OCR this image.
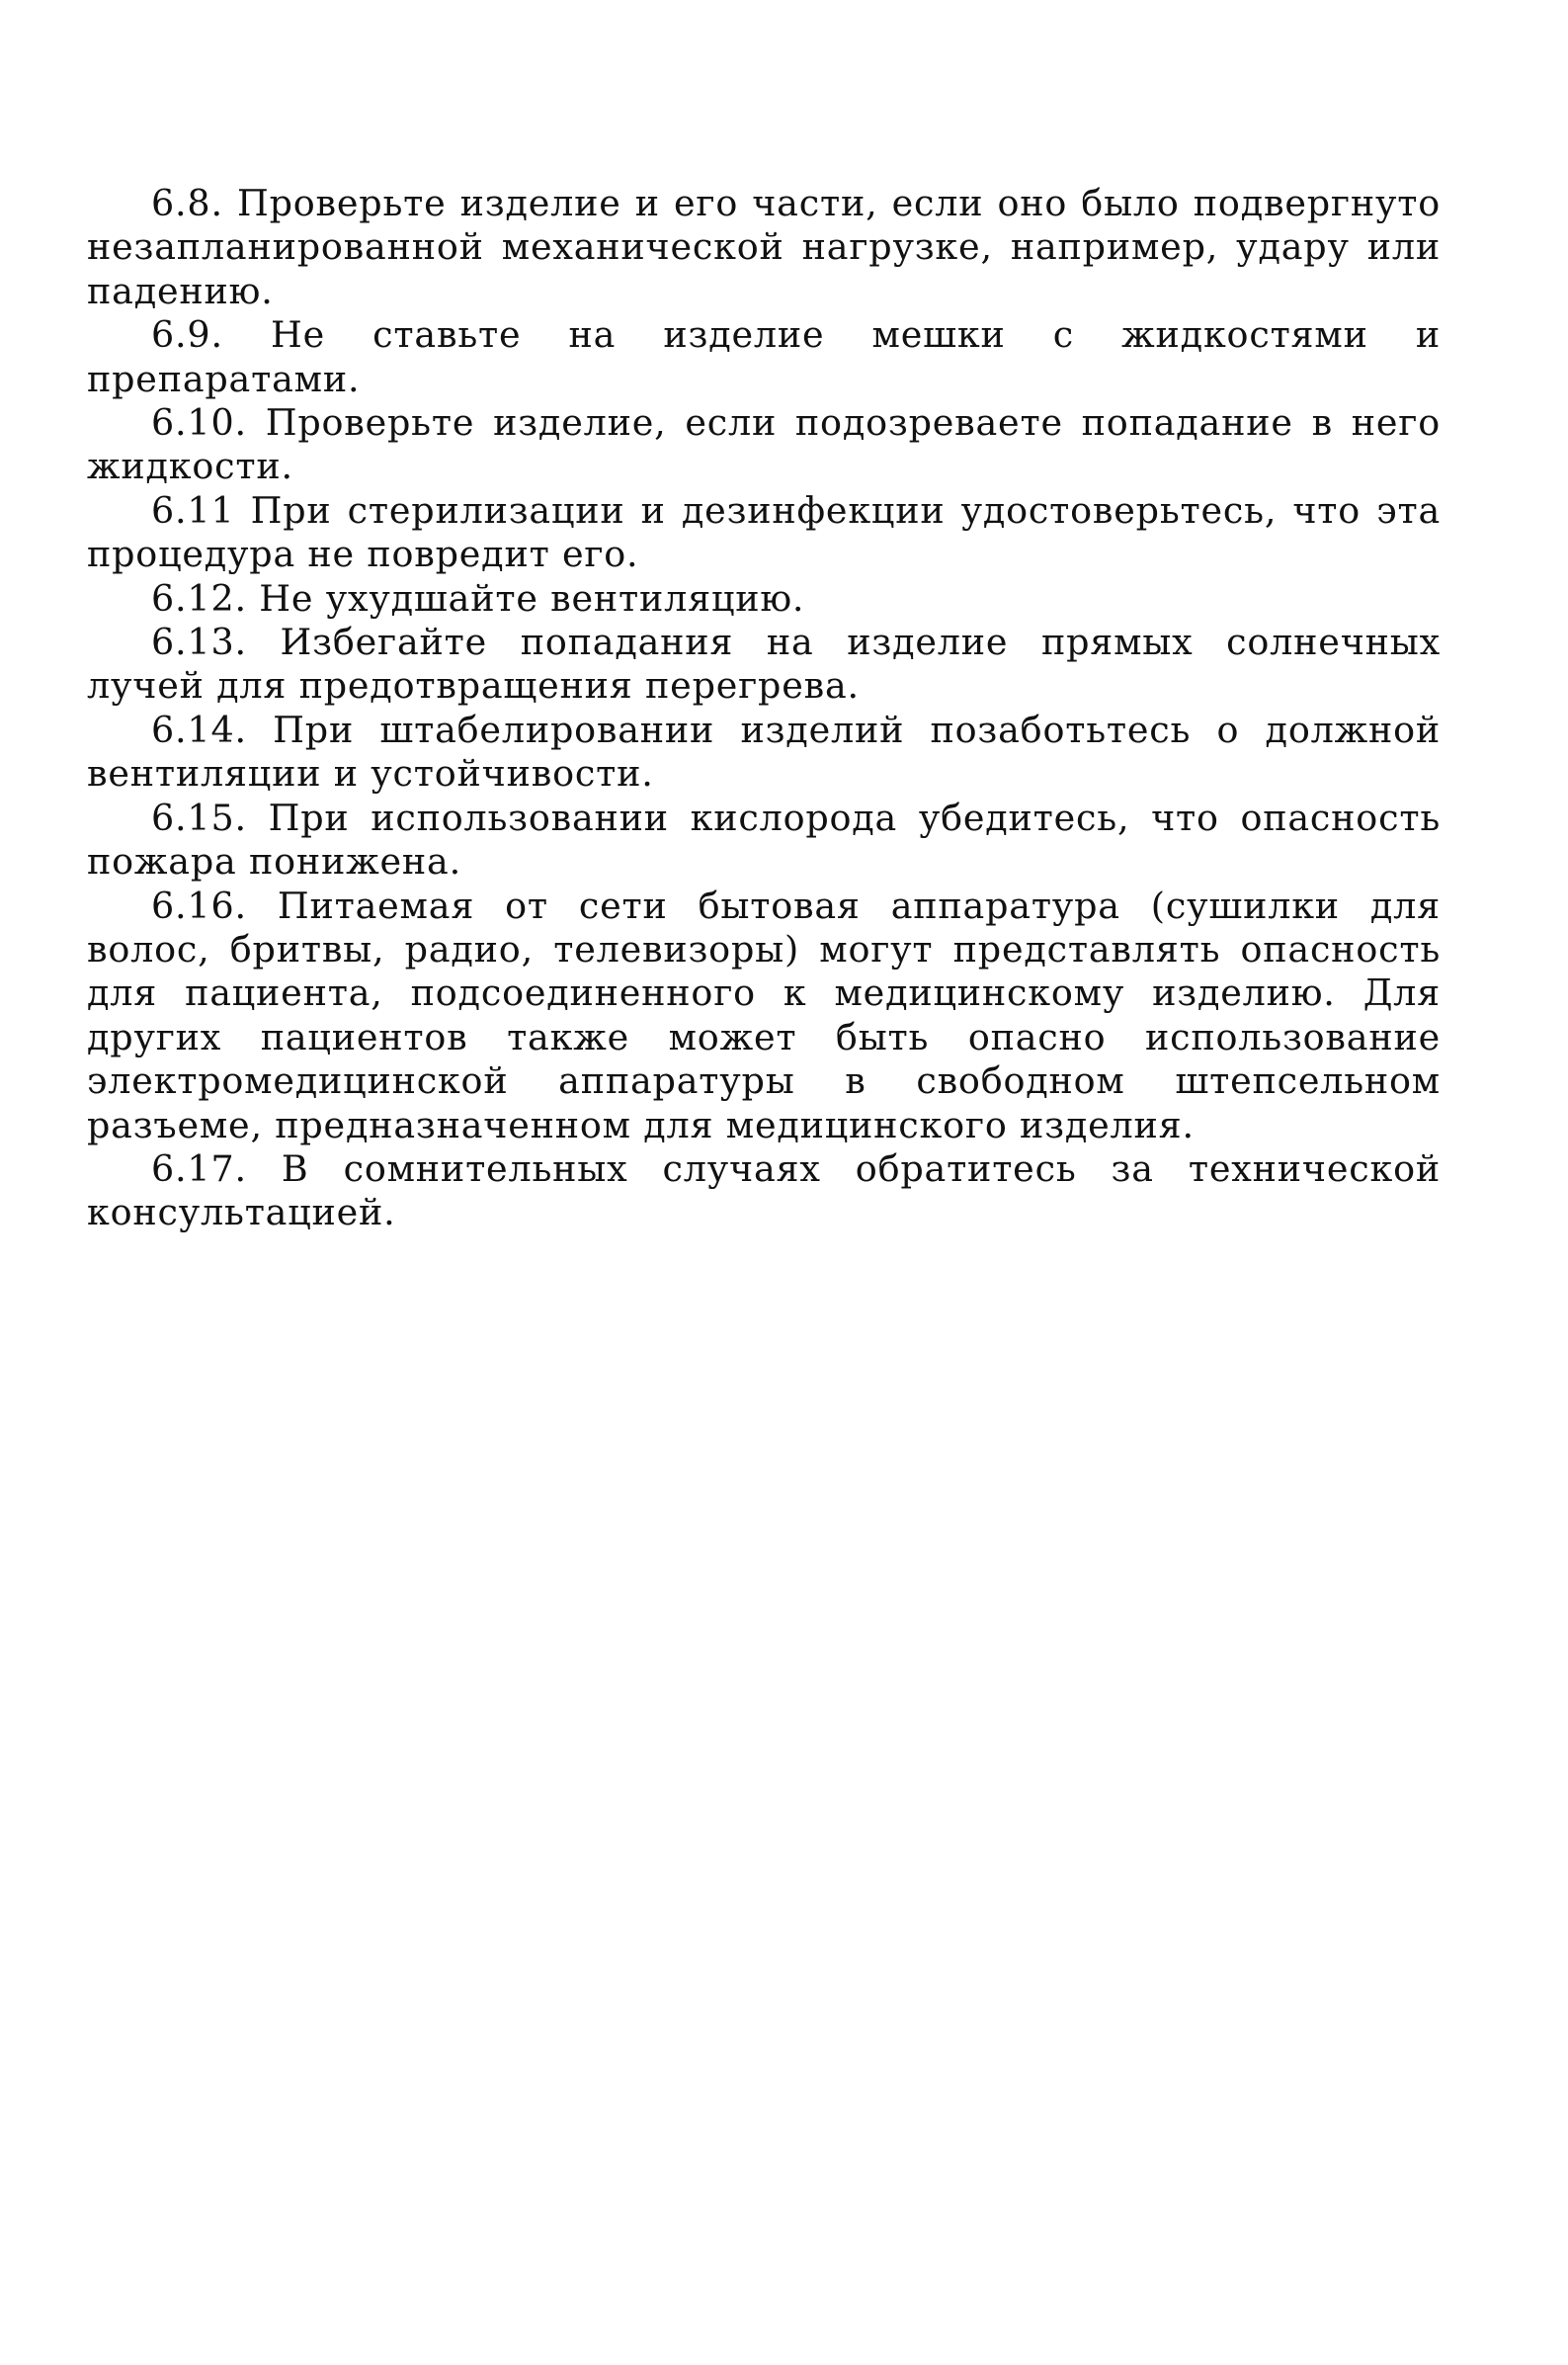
6.8. Проверьте изделие и его части, если оно было подвергнуто незапланированной механической нагрузке, например, удару или падению.

6.9. Не ставьте на изделие мешки с жидкостями и препаратами.

6.10. Проверьте изделие, если подозреваете попадание в него жидкости.

6.11 При стерилизации и дезинфекции удостоверьтесь, что эта процедура не повредит его.

6.12. Не ухудшайте вентиляцию.

6.13. Избегайте попадания на изделие прямых солнечных лучей для предотвращения перегрева.

6.14. При штабелировании изделий позаботьтесь о должной вентиляции и устойчивости.

6.15. При использовании кислорода убедитесь, что опасность пожара понижена.

6.16. Питаемая от сети бытовая аппаратура (сушилки для волос, бритвы, радио, телевизоры) могут представлять опасность для пациента, подсоединенного к медицинскому изделию. Для других пациентов также может быть опасно использование электромедицинской аппаратуры в свободном штепсельном разъеме, предназначенном для медицинского изделия.

6.17. В сомнительных случаях обратитесь за технической консультацией.
